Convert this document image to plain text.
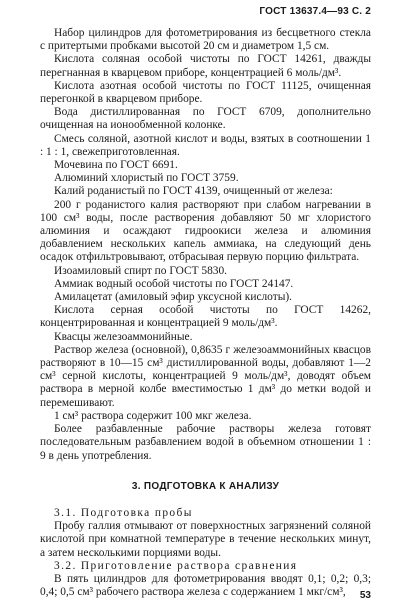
ГОСТ 13637.4—93 С. 2

Набор цилиндров для фотометрирования из бесцветного стекла с притертыми пробками высотой 20 см и диаметром 1,5 см.

Кислота соляная особой чистоты по ГОСТ 14261, дважды перегнанная в кварцевом приборе, концентрацией 6 моль/дм³.

Кислота азотная особой чистоты по ГОСТ 11125, очищенная перегонкой в кварцевом приборе.

Вода дистиллированная по ГОСТ 6709, дополнительно очищенная на ионообменной колонке.

Смесь соляной, азотной кислот и воды, взятых в соотношении 1 : 1 : 1, свежеприготовленная.

Мочевина по ГОСТ 6691.

Алюминий хлористый по ГОСТ 3759.

Калий роданистый по ГОСТ 4139, очищенный от железа:

200 г роданистого калия растворяют при слабом нагревании в 100 см³ воды, после растворения добавляют 50 мг хлористого алюминия и осаждают гидроокиси железа и алюминия добавлением нескольких капель аммиака, на следующий день осадок отфильтровывают, отбрасывая первую порцию фильтрата.

Изоамиловый спирт по ГОСТ 5830.

Аммиак водный особой чистоты по ГОСТ 24147.

Амилацетат (амиловый эфир уксусной кислоты).

Кислота серная особой чистоты по ГОСТ 14262, концентрированная и концентрацией 9 моль/дм³.

Квасцы железоаммонийные.

Раствор железа (основной), 0,8635 г железоаммонийных квасцов растворяют в 10—15 см³ дистиллированной воды, добавляют 1—2 см³ серной кислоты, концентрацией 9 моль/дм³, доводят объем раствора в мерной колбе вместимостью 1 дм³ до метки водой и перемешивают.

1 см³ раствора содержит 100 мкг железа.

Более разбавленные рабочие растворы железа готовят последовательным разбавлением водой в объемном отношении 1 : 9 в день употребления.

3. ПОДГОТОВКА К АНАЛИЗУ

3.1. Подготовка пробы

Пробу галлия отмывают от поверхностных загрязнений соляной кислотой при комнатной температуре в течение нескольких минут, а затем несколькими порциями воды.

3.2. Приготовление раствора сравнения

В пять цилиндров для фотометрирования вводят 0,1; 0,2; 0,3; 0,4; 0,5 см³ рабочего раствора железа с содержанием 1 мкг/см³,	53
